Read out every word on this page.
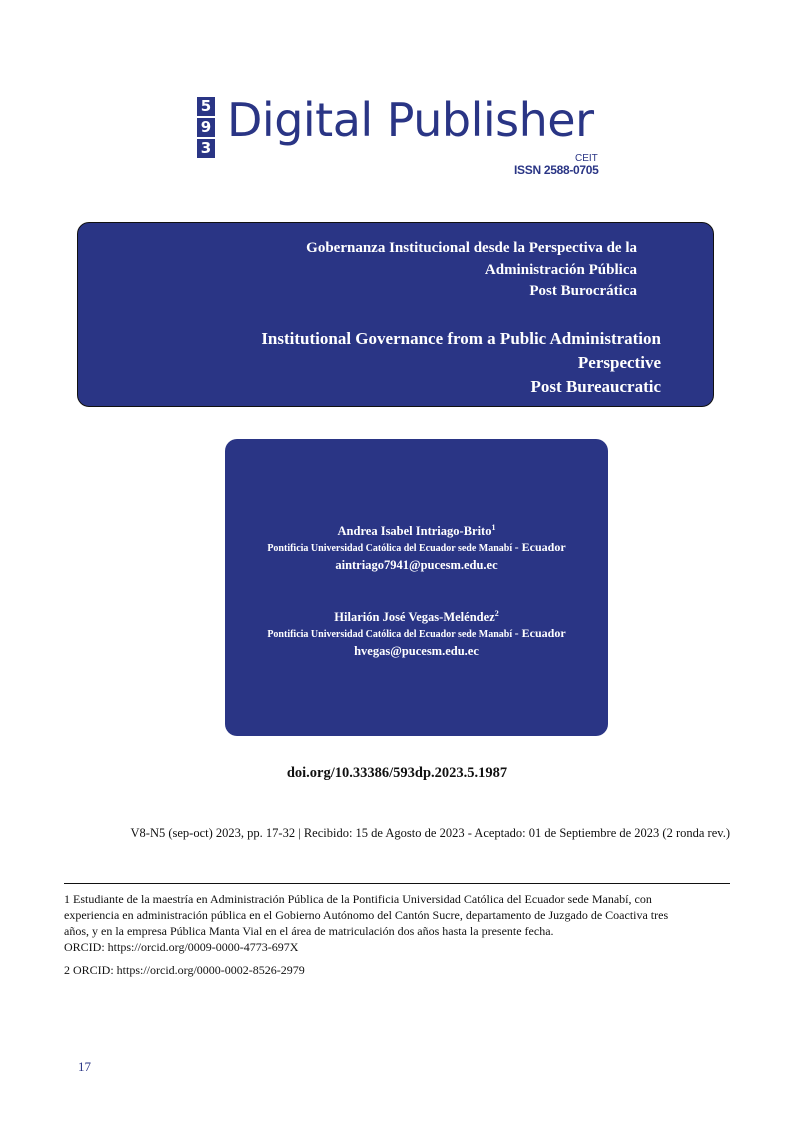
5
9
3
Digital Publisher
CEIT
ISSN 2588-0705
Gobernanza Institucional desde la Perspectiva de la
Administración Pública
Post Burocrática
Institutional Governance from a Public Administration
Perspective
Post Bureaucratic
Andrea Isabel Intriago-Brito$^1$
Pontificia Universidad Católica del Ecuador sede Manabí - Ecuador
aintriago7941@pucesm.edu.ec
Hilarión José Vegas-Meléndez$^2$
Pontificia Universidad Católica del Ecuador sede Manabí - Ecuador
hvegas@pucesm.edu.ec
doi.org/10.33386/593dp.2023.5.1987
V8-N5 (sep-oct) 2023, pp. 17-32 | Recibido: 15 de Agosto de 2023 - Aceptado: 01 de Septiembre de 2023 (2 ronda rev.)
1 Estudiante de la maestría en Administración Pública de la Pontificia Universidad Católica del Ecuador sede Manabí, con
experiencia en administración pública en el Gobierno Autónomo del Cantón Sucre, departamento de Juzgado de Coactiva tres
años, y en la empresa Pública Manta Vial en el área de matriculación dos años hasta la presente fecha.
ORCID: https://orcid.org/0009-0000-4773-697X
2 ORCID: https://orcid.org/0000-0002-8526-2979
17
